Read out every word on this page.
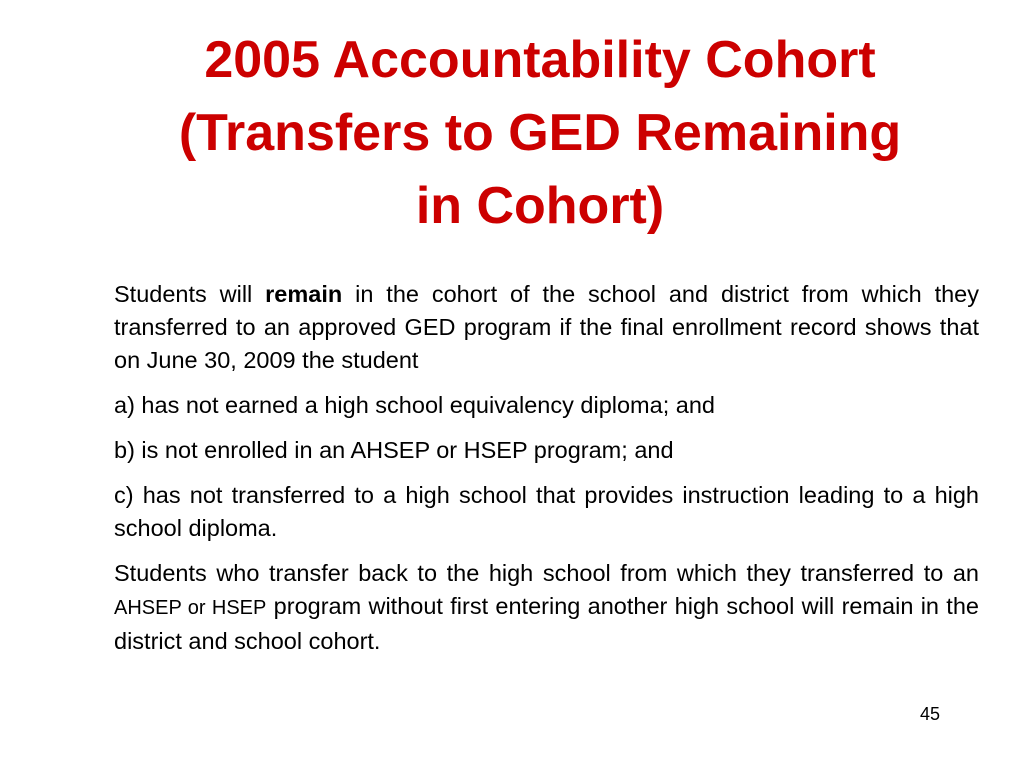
2005 Accountability Cohort
(Transfers to GED Remaining
in Cohort)

Students will remain in the cohort of the school and district from which they transferred to an approved GED program if the final enrollment record shows that on June 30, 2009 the student

a) has not earned a high school equivalency diploma; and

b) is not enrolled in an AHSEP or HSEP program; and

c) has not transferred to a high school that provides instruction leading to a high school diploma.

Students who transfer back to the high school from which they transferred to an AHSEP or HSEP program without first entering another high school will remain in the district and school cohort.

45
